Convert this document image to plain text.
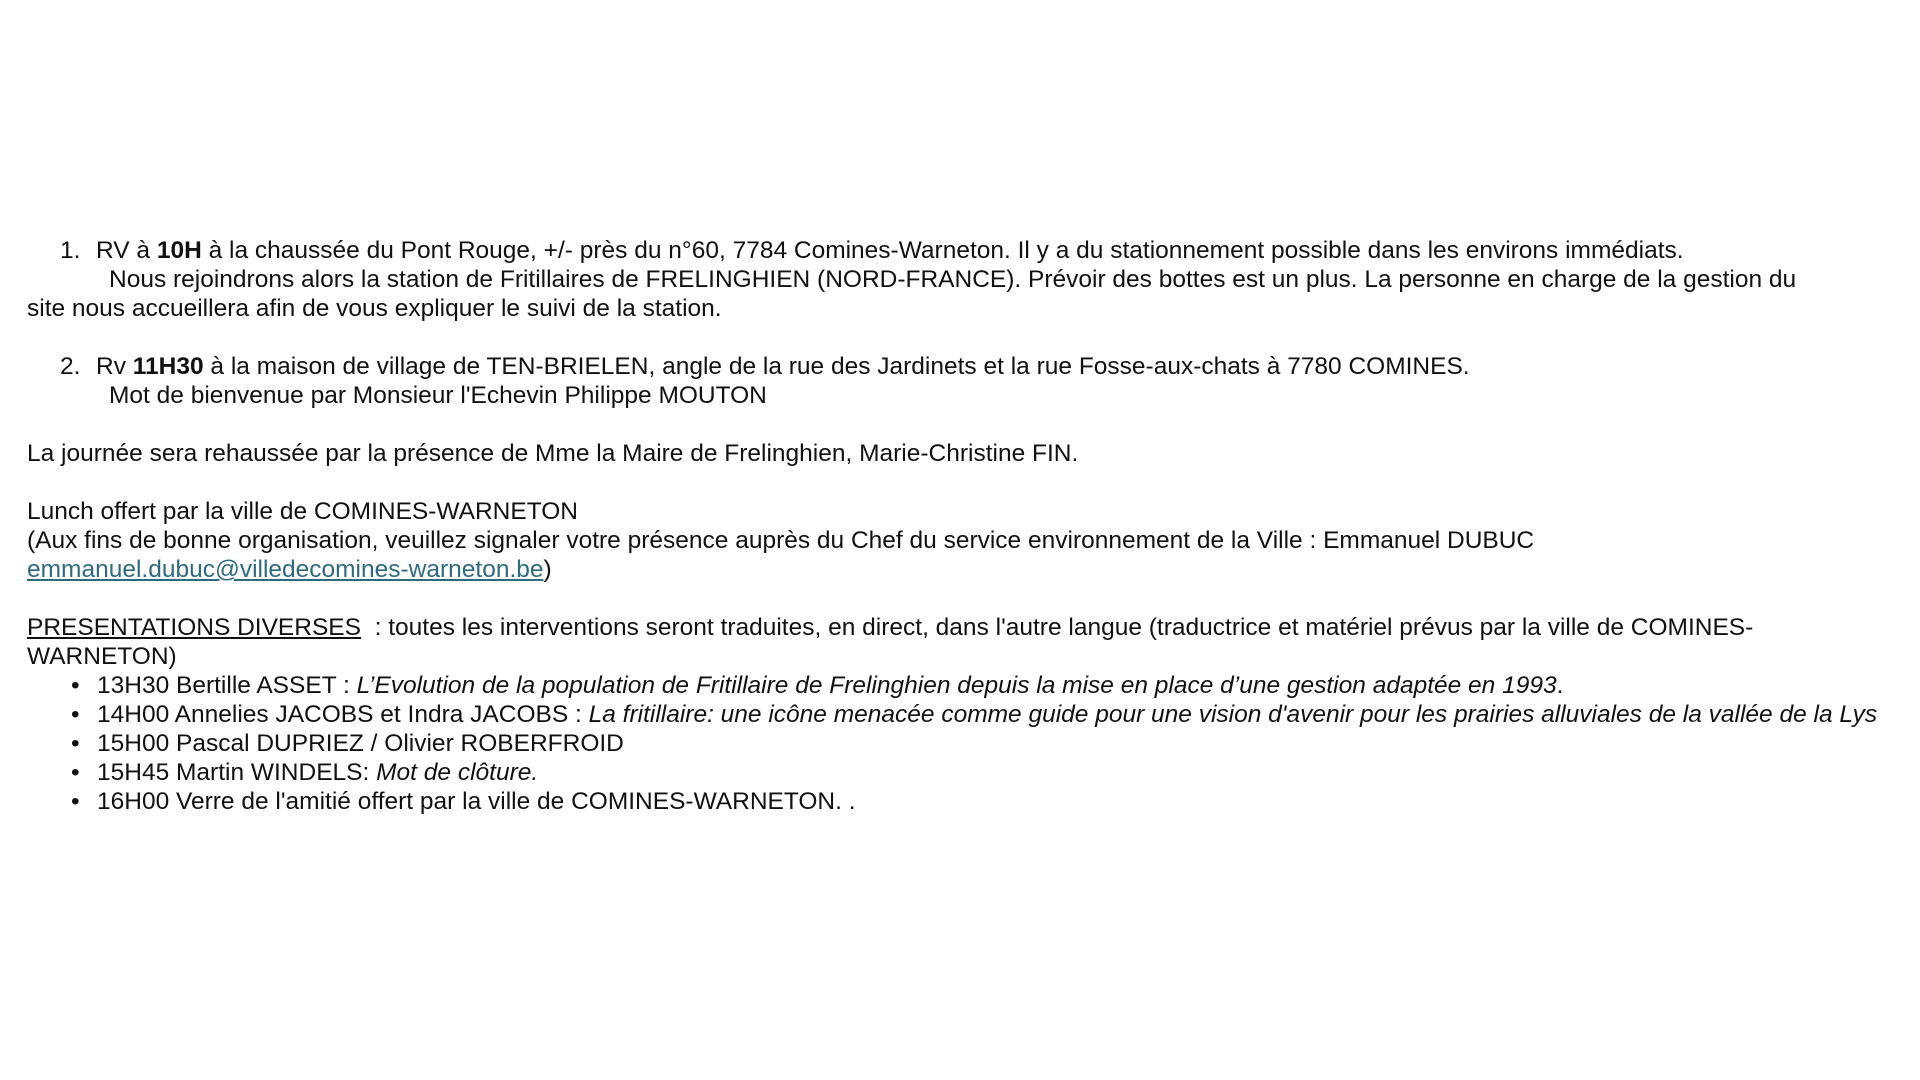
1. RV à 10H à la chaussée du Pont Rouge, +/- près du n°60, 7784 Comines-Warneton. Il y a du stationnement possible dans les environs immédiats.
Nous rejoindrons alors la station de Fritillaires de FRELINGHIEN (NORD-FRANCE). Prévoir des bottes est un plus. La personne en charge de la gestion du
site nous accueillera afin de vous expliquer le suivi de la station.
2. Rv 11H30 à la maison de village de TEN-BRIELEN, angle de la rue des Jardinets et la rue Fosse-aux-chats à 7780 COMINES.
Mot de bienvenue par Monsieur l'Echevin Philippe MOUTON
La journée sera rehaussée par la présence de Mme la Maire de Frelinghien, Marie-Christine FIN.
Lunch offert par la ville de COMINES-WARNETON
(Aux fins de bonne organisation, veuillez signaler votre présence auprès du Chef du service environnement de la Ville : Emmanuel DUBUC
emmanuel.dubuc@villedecomines-warneton.be)
PRESENTATIONS DIVERSES  : toutes les interventions seront traduites, en direct, dans l'autre langue (traductrice et matériel prévus par la ville de COMINES-
WARNETON)
• 13H30 Bertille ASSET : L’Evolution de la population de Fritillaire de Frelinghien depuis la mise en place d’une gestion adaptée en 1993.
• 14H00 Annelies JACOBS et Indra JACOBS : La fritillaire: une icône menacée comme guide pour une vision d'avenir pour les prairies alluviales de la vallée de la Lys
• 15H00 Pascal DUPRIEZ / Olivier ROBERFROID
• 15H45 Martin WINDELS: Mot de clôture.
• 16H00 Verre de l'amitié offert par la ville de COMINES-WARNETON. .
